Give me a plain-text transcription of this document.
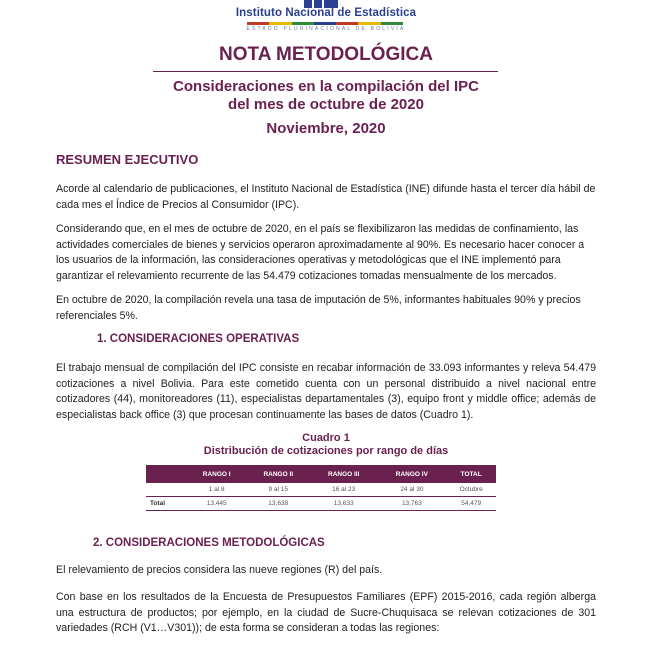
Instituto Nacional de Estadística
ESTADO PLURINACIONAL DE BOLIVIA
NOTA METODOLÓGICA
Consideraciones en la compilación del IPC
del mes de octubre de 2020
Noviembre, 2020
RESUMEN EJECUTIVO
Acorde al calendario de publicaciones, el Instituto Nacional de Estadística (INE) difunde hasta el tercer día hábil de cada mes el Índice de Precios al Consumidor (IPC).
Considerando que, en el mes de octubre de 2020, en el país se flexibilizaron las medidas de confinamiento, las actividades comerciales de bienes y servicios operaron aproximadamente al 90%. Es necesario hacer conocer a los usuarios de la información, las consideraciones operativas y metodológicas que el INE implementó para garantizar el relevamiento recurrente de las 54.479 cotizaciones tomadas mensualmente de los mercados.
En octubre de 2020, la compilación revela una tasa de imputación de 5%, informantes habituales 90% y precios referenciales 5%.
1. CONSIDERACIONES OPERATIVAS
El trabajo mensual de compilación del IPC consiste en recabar información de 33.093 informantes y releva 54.479 cotizaciones a nivel Bolivia. Para este cometido cuenta con un personal distribuido a nivel nacional entre cotizadores (44), monitoreadores (11), especialistas departamentales (3), equipo front y middle office; además de especialistas back office (3) que procesan continuamente las bases de datos (Cuadro 1).
Cuadro 1
Distribución de cotizaciones por rango de días
	RANGO I	RANGO II	RANGO III	RANGO IV	TOTAL
	1 al 8	9 al 15	16 al 23	24 al 30	Octubre
Total	13,445	13,638	13,633	13,763	54,479
2. CONSIDERACIONES METODOLÓGICAS
El relevamiento de precios considera las nueve regiones (R) del país.
Con base en los resultados de la Encuesta de Presupuestos Familiares (EPF) 2015-2016, cada región alberga una estructura de productos; por ejemplo, en la ciudad de Sucre-Chuquisaca se relevan cotizaciones de 301 variedades (RCH (V1…V301)); de esta forma se consideran a todas las regiones:
